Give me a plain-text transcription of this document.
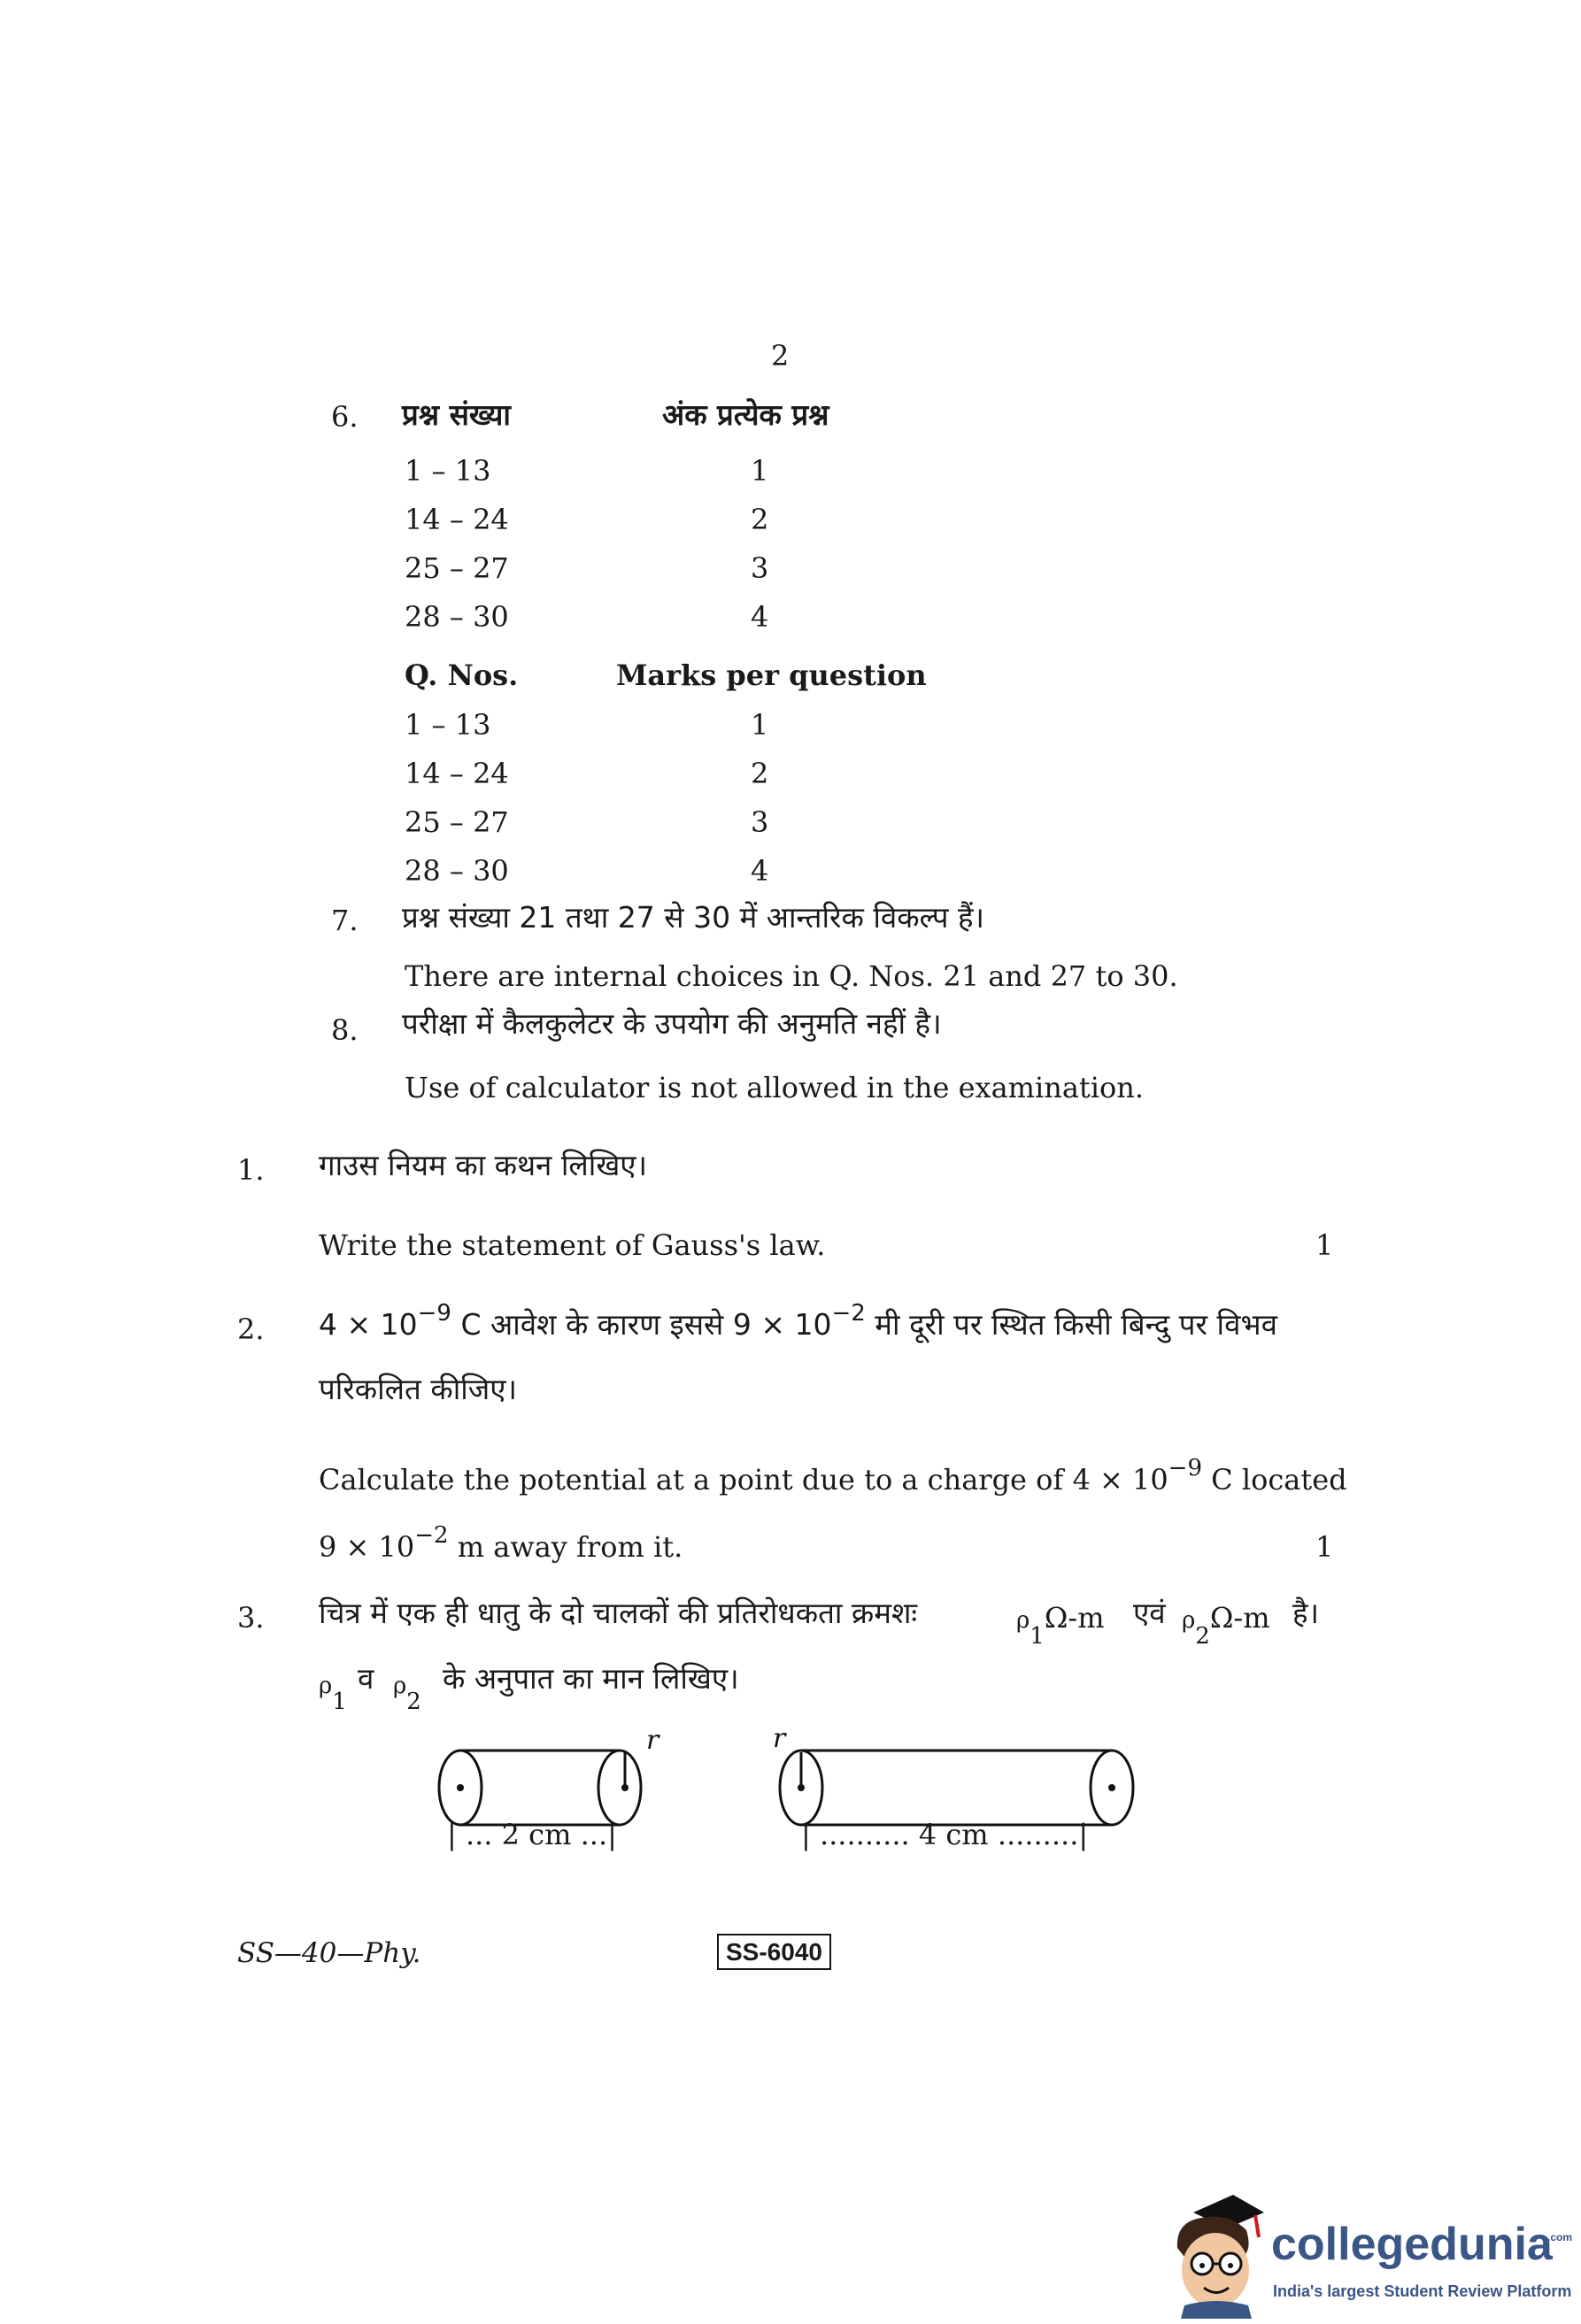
2
6. प्रश्न संख्या	अंक प्रत्येक प्रश्न
1 – 13	1
14 – 24	2
25 – 27	3
28 – 30	4
Q. Nos.	Marks per question
1 – 13	1
14 – 24	2
25 – 27	3
28 – 30	4
7. प्रश्न संख्या 21 तथा 27 से 30 में आन्तरिक विकल्प हैं।
There are internal choices in Q. Nos. 21 and 27 to 30.
8. परीक्षा में कैलकुलेटर के उपयोग की अनुमति नहीं है।
Use of calculator is not allowed in the examination.
1. गाउस नियम का कथन लिखिए।
Write the statement of Gauss's law.	1
2. $4 \times 10^{-9}$ C आवेश के कारण इससे $9 \times 10^{-2}$ मी दूरी पर स्थित किसी बिन्दु पर विभव
परिकलित कीजिए।
Calculate the potential at a point due to a charge of $4 \times 10^{-9}$ C located
$9 \times 10^{-2}$ m away from it.	1
3. चित्र में एक ही धातु के दो चालकों की प्रतिरोधकता क्रमशः	$\rho_1\Omega-m$ एवं $\rho_2\Omega-m$ है।
$\rho_1$
व $\rho_2$
के अनुपात का मान लिखिए।
r	r
| ... 2 cm ...|	| .......... 4 cm .........|
SS—40—Phy.	SS-6040
collegedunia
.com
India's largest Student Review Platform
